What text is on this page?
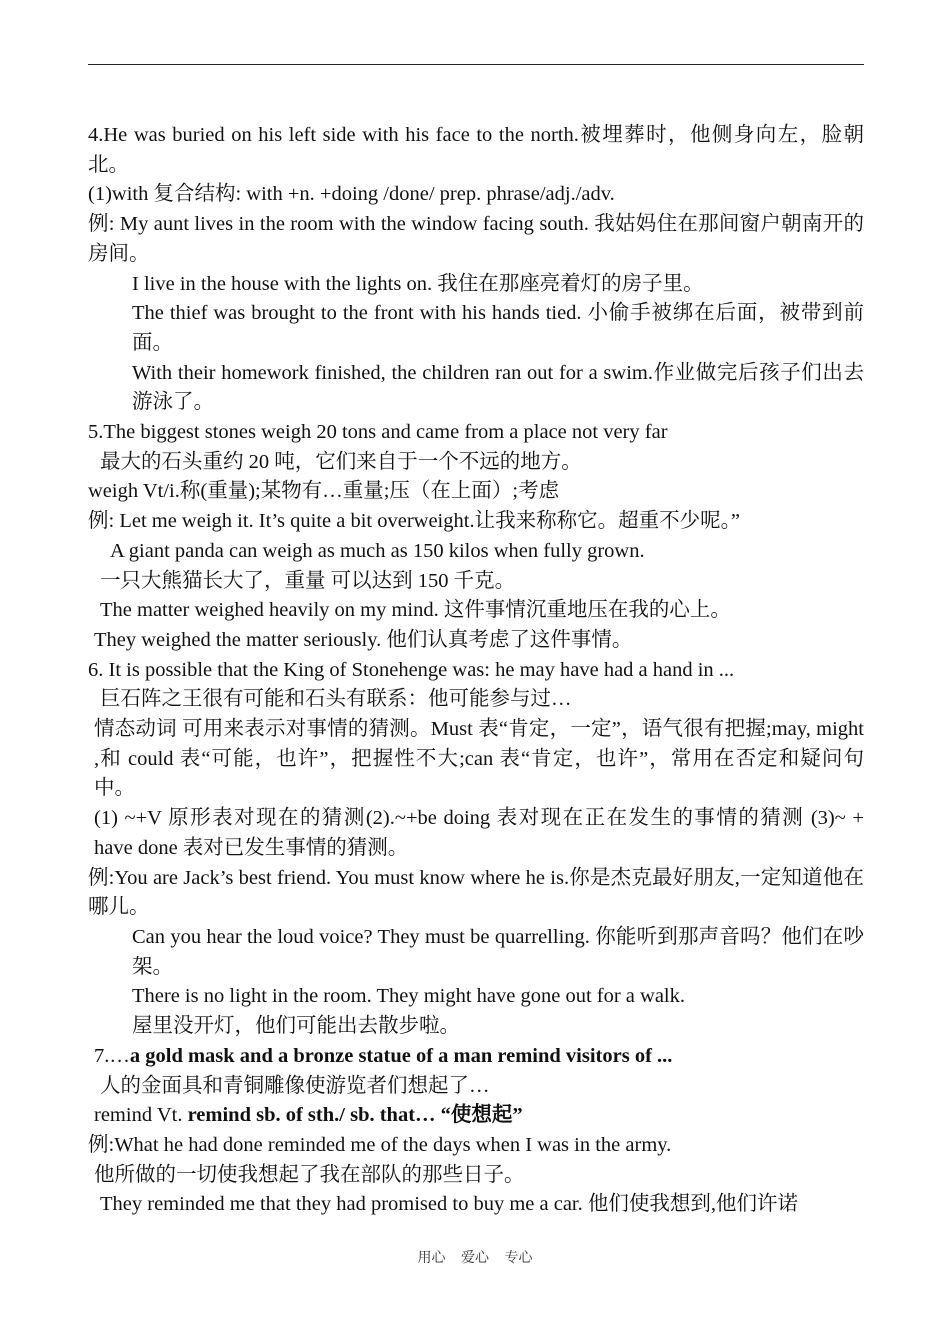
4.He was buried on his left side with his face to the north.被埋葬时，他侧身向左，脸朝北。

(1)with 复合结构: with +n. +doing /done/ prep. phrase/adj./adv.

例: My aunt lives in the room with the window facing south. 我姑妈住在那间窗户朝南开的房间。

I live in the house with the lights on. 我住在那座亮着灯的房子里。

The thief was brought to the front with his hands tied. 小偷手被绑在后面，被带到前面。

With their homework finished, the children ran out for a swim.作业做完后孩子们出去游泳了。

5.The biggest stones weigh 20 tons and came from a place not very far

最大的石头重约 20 吨，它们来自于一个不远的地方。

weigh Vt/i.称(重量);某物有…重量;压（在上面）;考虑

例: Let me weigh it. It’s quite a bit overweight.让我来称称它。超重不少呢。”

A giant panda can weigh as much as 150 kilos when fully grown.

一只大熊猫长大了，重量 可以达到 150 千克。

The matter weighed heavily on my mind. 这件事情沉重地压在我的心上。

They weighed the matter seriously. 他们认真考虑了这件事情。

6. It is possible that the King of Stonehenge was: he may have had a hand in ...

巨石阵之王很有可能和石头有联系：他可能参与过…

情态动词 可用来表示对事情的猜测。Must 表“肯定，一定”，语气很有把握;may, might ,和 could 表“可能，也许”，把握性不大;can 表“肯定，也许”，常用在否定和疑问句中。

(1) ~+V 原形表对现在的猜测(2).~+be doing 表对现在正在发生的事情的猜测 (3)~ + have done 表对已发生事情的猜测。

例:You are Jack’s best friend. You must know where he is.你是杰克最好朋友,一定知道他在哪儿。

Can you hear the loud voice? They must be quarrelling. 你能听到那声音吗？他们在吵架。

There is no light in the room. They might have gone out for a walk.

屋里没开灯，他们可能出去散步啦。

7.…a gold mask and a bronze statue of a man remind visitors of ...

人的金面具和青铜雕像使游览者们想起了…

remind Vt. remind sb. of sth./ sb. that… “使想起”

例:What he had done reminded me of the days when I was in the army.

他所做的一切使我想起了我在部队的那些日子。

They reminded me that they had promised to buy me a car. 他们使我想到,他们许诺

用心 爱心 专心
